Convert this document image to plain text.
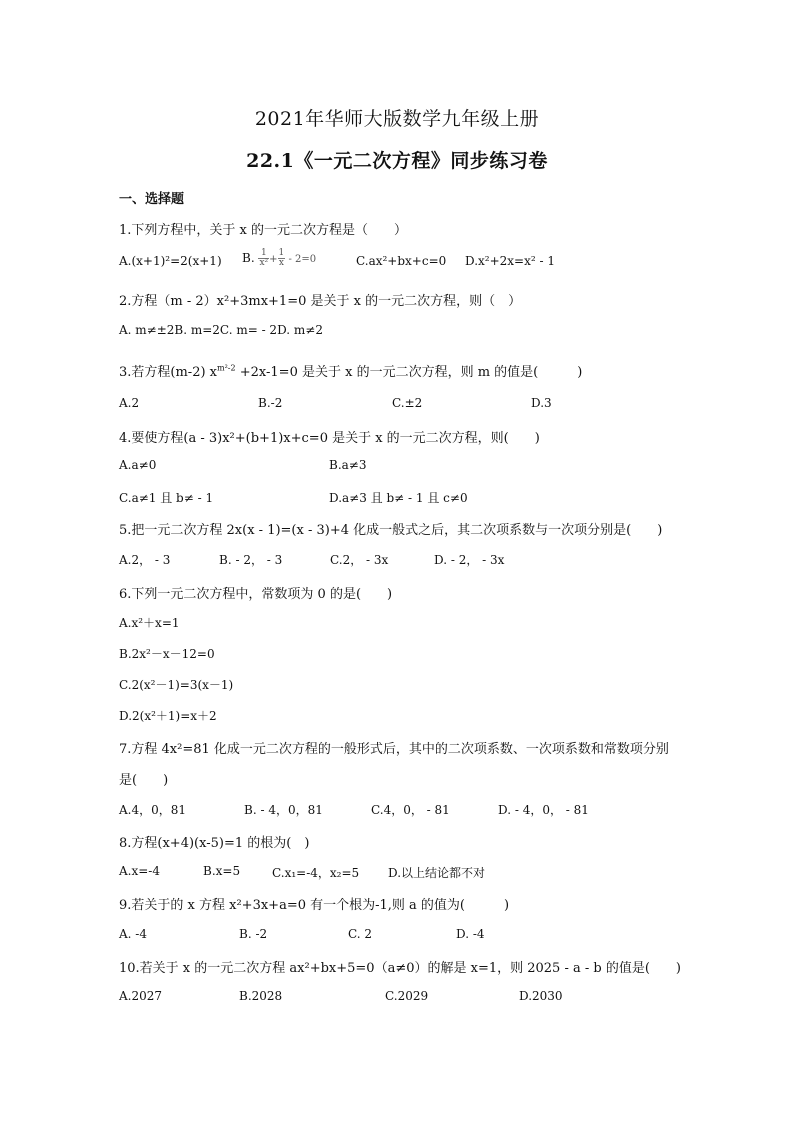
2021年华师大版数学九年级上册
22.1《一元二次方程》同步练习卷
一、选择题
1.下列方程中，关于 x 的一元二次方程是（　　）
A.(x+1)²=2(x+1) B. $\frac{1}{\text{x²}} + \frac{1}{x} - 2=0$	C.ax²+bx+c=0 D.x²+2x=x² - 1
2.方程（m - 2）x²+3mx+1=0 是关于 x 的一元二次方程，则（　）
A. m≠±2B. m=2C. m= - 2D. m≠2
3.若方程(m-2) $x^{m^2-2} +2x-1=0$ 是关于 x 的一元二次方程，则 m 的值是(　　　)
A.2	B.-2	C.±2	D.3
4.要使方程(a - 3)x²+(b+1)x+c=0 是关于 x 的一元二次方程，则(　　)
A.a≠0	B.a≠3
C.a≠1 且 b≠ - 1	D.a≠3 且 b≠ - 1 且 c≠0
5.把一元二次方程 2x(x - 1)=(x - 3)+4 化成一般式之后，其二次项系数与一次项分别是(　　)
A.2， - 3	B. - 2， - 3	C.2， - 3x	D. - 2， - 3x
6.下列一元二次方程中，常数项为 0 的是(　　)
A.x²＋x=1
B.2x²－x－12=0
C.2(x²－1)=3(x－1)
D.2(x²＋1)=x＋2
7.方程 4x²=81 化成一元二次方程的一般形式后，其中的二次项系数、一次项系数和常数项分别
是(　　)
A.4，0，81	B. - 4，0，81	C.4，0， - 81	D. - 4，0， - 81
8.方程(x+4)(x-5)=1 的根为(　)
A.x=-4	B.x=5	C.x₁=-4，x₂=5 D.以上结论都不对
9.若关于的 x 方程 x²+3x+a=0 有一个根为-1,则 a 的值为(　　　)
A. -4	B. -2	C. 2	D. -4
10.若关于 x 的一元二次方程 ax²+bx+5=0（a≠0）的解是 x=1，则 2025 - a - b 的值是(　　)
A.2027	B.2028	C.2029	D.2030
